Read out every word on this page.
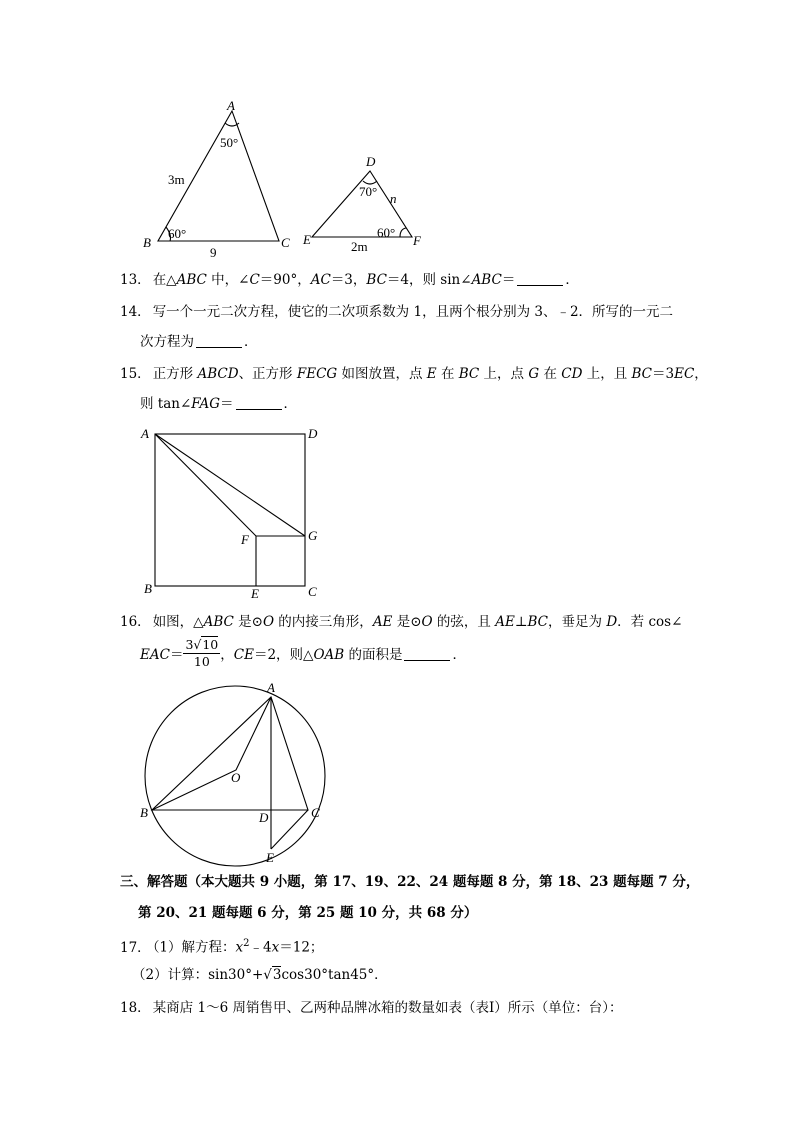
A
50°
3m
60°
B
9
C
D
70° n
60°
E	2m	F
13． 在△ABC 中，∠C＝90°，AC＝3，BC＝4，则 sin∠ABC＝	．
14． 写一个一元二次方程，使它的二次项系数为 1，且两个根分别为 3、﹣2．所写的一元二
次方程为	．
15． 正方形 ABCD、正方形 FECG 如图放置，点 E 在 BC 上，点 G 在 CD 上，且 BC＝3EC，
则 tan∠FAG＝	．
A	D
F	G
B	E	C
16． 如图，△ABC 是⊙O 的内接三角形，AE 是⊙O 的弦，且 AE⊥BC，垂足为 D．若 cos∠
$EAC= \frac{3√10}{10}$ ，CE＝2，则△OAB 的面积是	．
A
O
B	D	C
E
三、解答题（本大题共 9 小题，第 17、19、22、24 题每题 8 分，第 18、23 题每题 7 分，
第 20、21 题每题 6 分，第 25 题 10 分，共 68 分）
17． （1）解方程：$x^2﹣4x=12$；
（2）计算：sin30°+√3cos30°tan45°．
18． 某商店 1～6 周销售甲、乙两种品牌冰箱的数量如表（表Ⅰ）所示（单位：台）：
